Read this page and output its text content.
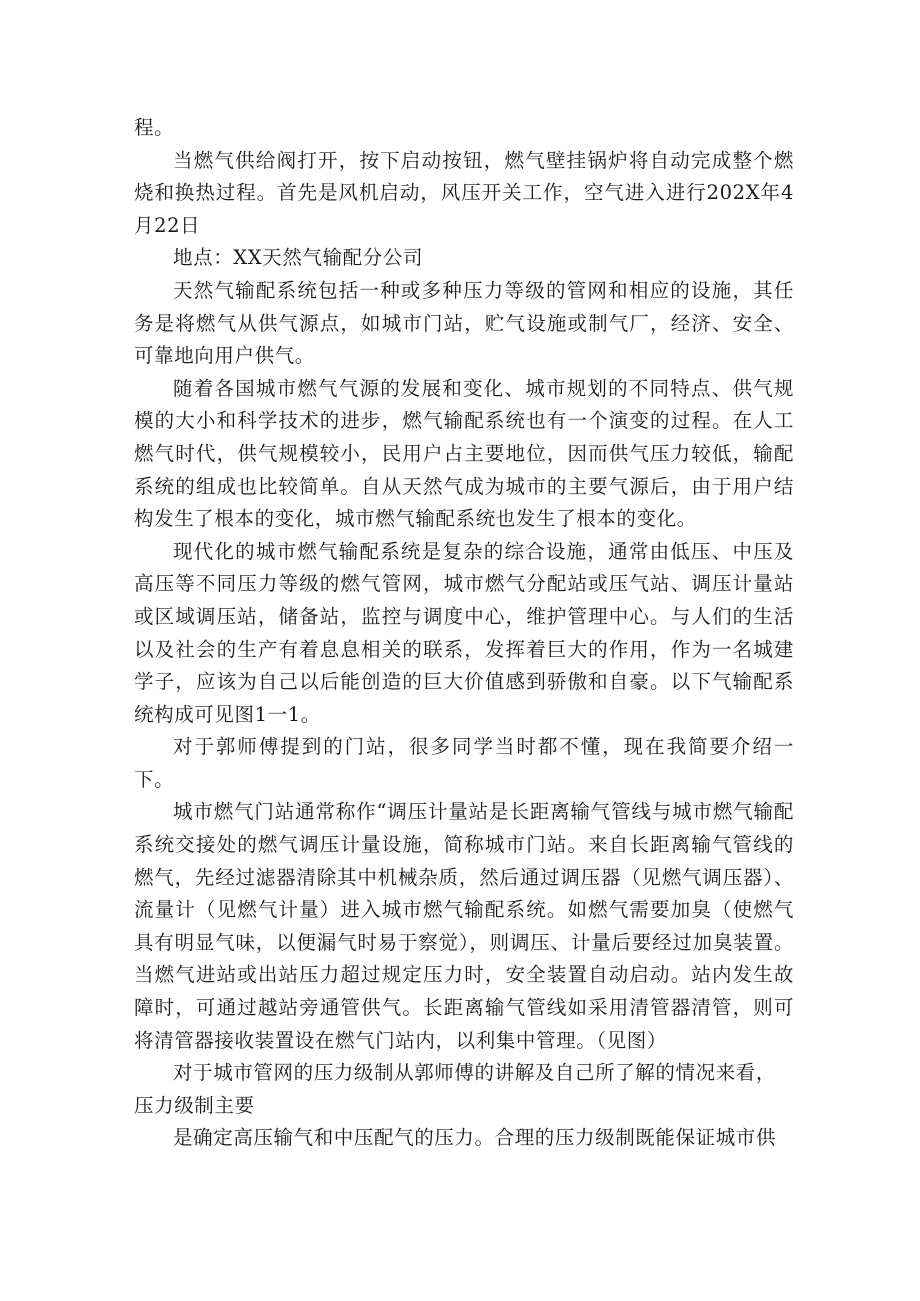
程。

当燃气供给阀打开，按下启动按钮，燃气壁挂锅炉将自动完成整个燃烧和换热过程。首先是风机启动，风压开关工作，空气进入进行202X年4月22日

地点：XX天然气输配分公司

天然气输配系统包括一种或多种压力等级的管网和相应的设施，其任务是将燃气从供气源点，如城市门站，贮气设施或制气厂，经济、安全、可靠地向用户供气。

随着各国城市燃气气源的发展和变化、城市规划的不同特点、供气规模的大小和科学技术的进步，燃气输配系统也有一个演变的过程。在人工燃气时代，供气规模较小，民用户占主要地位，因而供气压力较低，输配系统的组成也比较简单。自从天然气成为城市的主要气源后，由于用户结构发生了根本的变化，城市燃气输配系统也发生了根本的变化。

现代化的城市燃气输配系统是复杂的综合设施，通常由低压、中压及高压等不同压力等级的燃气管网，城市燃气分配站或压气站、调压计量站或区域调压站，储备站，监控与调度中心，维护管理中心。与人们的生活以及社会的生产有着息息相关的联系，发挥着巨大的作用，作为一名城建学子，应该为自己以后能创造的巨大价值感到骄傲和自豪。以下气输配系统构成可见图1一1。

对于郭师傅提到的门站，很多同学当时都不懂，现在我简要介绍一下。

城市燃气门站通常称作“调压计量站是长距离输气管线与城市燃气输配系统交接处的燃气调压计量设施，简称城市门站。来自长距离输气管线的燃气，先经过滤器清除其中机械杂质，然后通过调压器（见燃气调压器）、流量计（见燃气计量）进入城市燃气输配系统。如燃气需要加臭（使燃气具有明显气味，以便漏气时易于察觉），则调压、计量后要经过加臭装置。当燃气进站或出站压力超过规定压力时，安全装置自动启动。站内发生故障时，可通过越站旁通管供气。长距离输气管线如采用清管器清管，则可将清管器接收装置设在燃气门站内，以利集中管理。（见图）

对于城市管网的压力级制从郭师傅的讲解及自己所了解的情况来看，

压力级制主要

是确定高压输气和中压配气的压力。合理的压力级制既能保证城市供
